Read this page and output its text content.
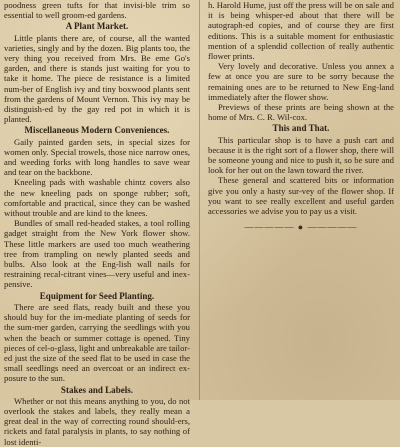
poodness green tufts for that invisi-ble trim so essential to well groom-ed gardens.

A Plant Market.

Little plants there are, of course, all the wanted varieties, singly and by the dozen. Big plants too, the very thing you received from Mrs. Be eme Go's garden, and there is stands just waiting for you to take it home. The piece de resistance is a limited num-ber of English ivy and tiny boxwood plants sent from the gardens of Mount Vernon. This ivy may be distinguish-ed by the gay red pot in which it is planted.

Miscellaneous Modern Conveniences.

Gaily painted garden sets, in special sizes for women only. Special trowels, those nice narrow ones, and weeding forks with long handles to save wear and tear on the backbone.

Kneeling pads with washable chintz covers also the new kneeling pads on sponge rubber; soft, comfortable and practical, since they can be washed without trouble and are kind to the knees.

Bundles of small red-headed stakes, a tool rolling gadget straight from the New York flower show. These little markers are used too much weathering tree from trampling on newly planted seeds and bulbs. Also look at the Eng-lish wall nails for restraining recal-citrant vines—very useful and inex-pensive.

Equipment for Seed Planting.

There are seed flats, ready built and these you should buy for the im-mediate planting of seeds for the sum-mer garden, carrying the seedlings with you when the beach or summer cottage is opened. Tiny pieces of cel-o-glass, light and unbreakable are tailor-ed just the size of the seed flat to be used in case the small seedlings need an overcoat or an indirect ex-posure to the sun.

Stakes and Labels.

Whether or not this means anything to you, do not overlook the stakes and labels, they really mean a great deal in the way of correcting round should-ers, rickets and fatal paralysis in plants, to say nothing of lost identi-

h. Harold Hume, just off the press will be on sale and it is being whisper-ed about that there will be autograph-ed copies, and of course they are first editions. This is a suitable moment for enthusiastic mention of a splendid collection of really authentic flower prints.

Very lovely and decorative. Unless you annex a few at once you are sure to be sorry because the remaining ones are to be returned to New Eng-land immediately after the flower show.

Previews of these prints are being shown at the home of Mrs. C. R. Wil-cox.

This and That.

This particular shop is to have a push cart and because it is the right sort of a flower shop, there will be someone young and nice to push it, so be sure and look for her out on the lawn toward the river.

These general and scattered bits or information give you only a hasty sur-vey of the flower shop. If you want to see really excellent and useful garden accessories we advise you to pay us a visit.

————— ● —————
